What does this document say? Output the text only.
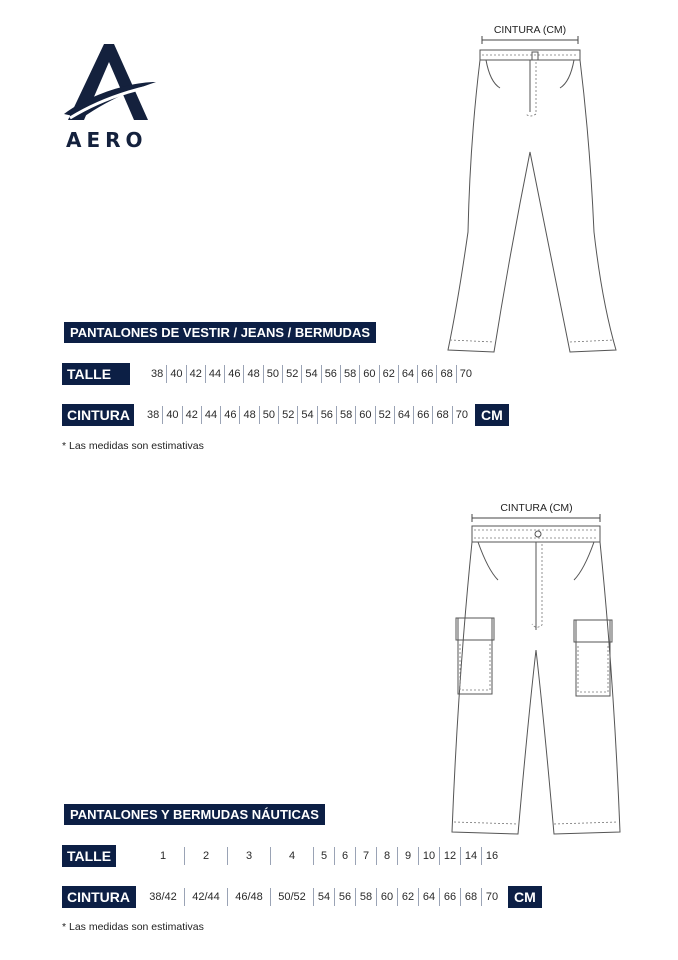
AERO
CINTURA (CM)
PANTALONES DE VESTIR / JEANS / BERMUDAS
TALLE	38 40 42 44 46 48 50 52 54 56 58 60 62 64 66 68 70
CINTURA	38 40 42 44 46 48 50 52 54 56 58 60 52 64 66 68 70 CM
* Las medidas son estimativas
CINTURA (CM)
PANTALONES Y BERMUDAS NÁUTICAS
TALLE	1	2	3	4	5	6	7	8	9	10 12 14 16
CINTURA	38/42	42/44	46/48	50/52	54 56 58 60 62 64 66 68 70	CM
* Las medidas son estimativas
